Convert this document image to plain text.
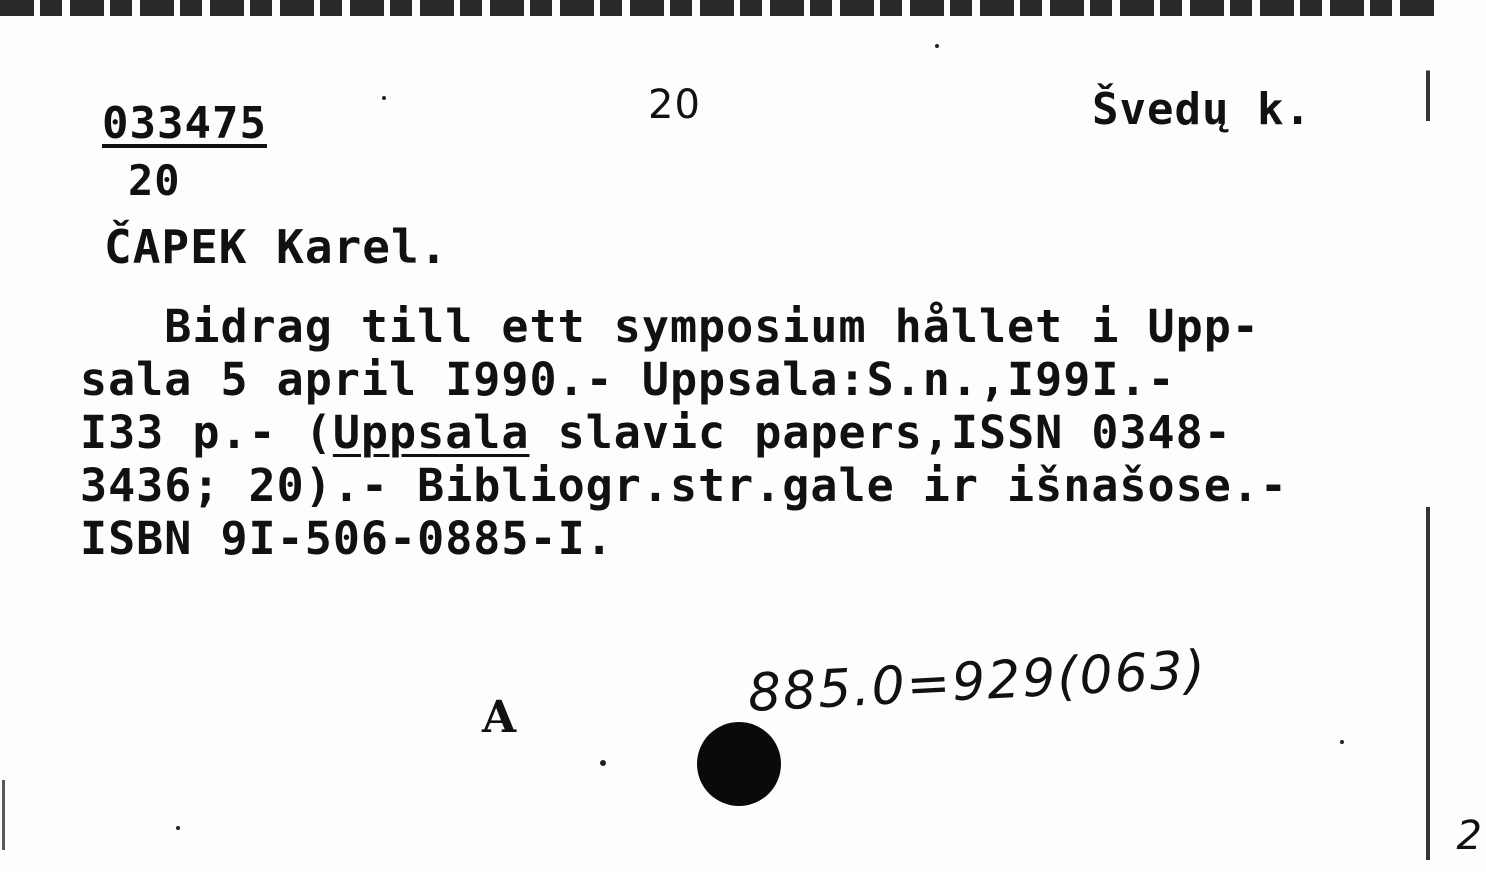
033475
20
20	Švedų k.
ČAPEK Karel.
Bidrag till ett symposium hållet i Upp-
sala 5 april I990.- Uppsala:S.n.,I99I.-
I33 p.- (Uppsala slavic papers,ISSN 0348-
3436; 20).- Bibliogr.str.gale ir išnašose.-
ISBN 9I-506-0885-I.
A	885.0=929(063)
2
